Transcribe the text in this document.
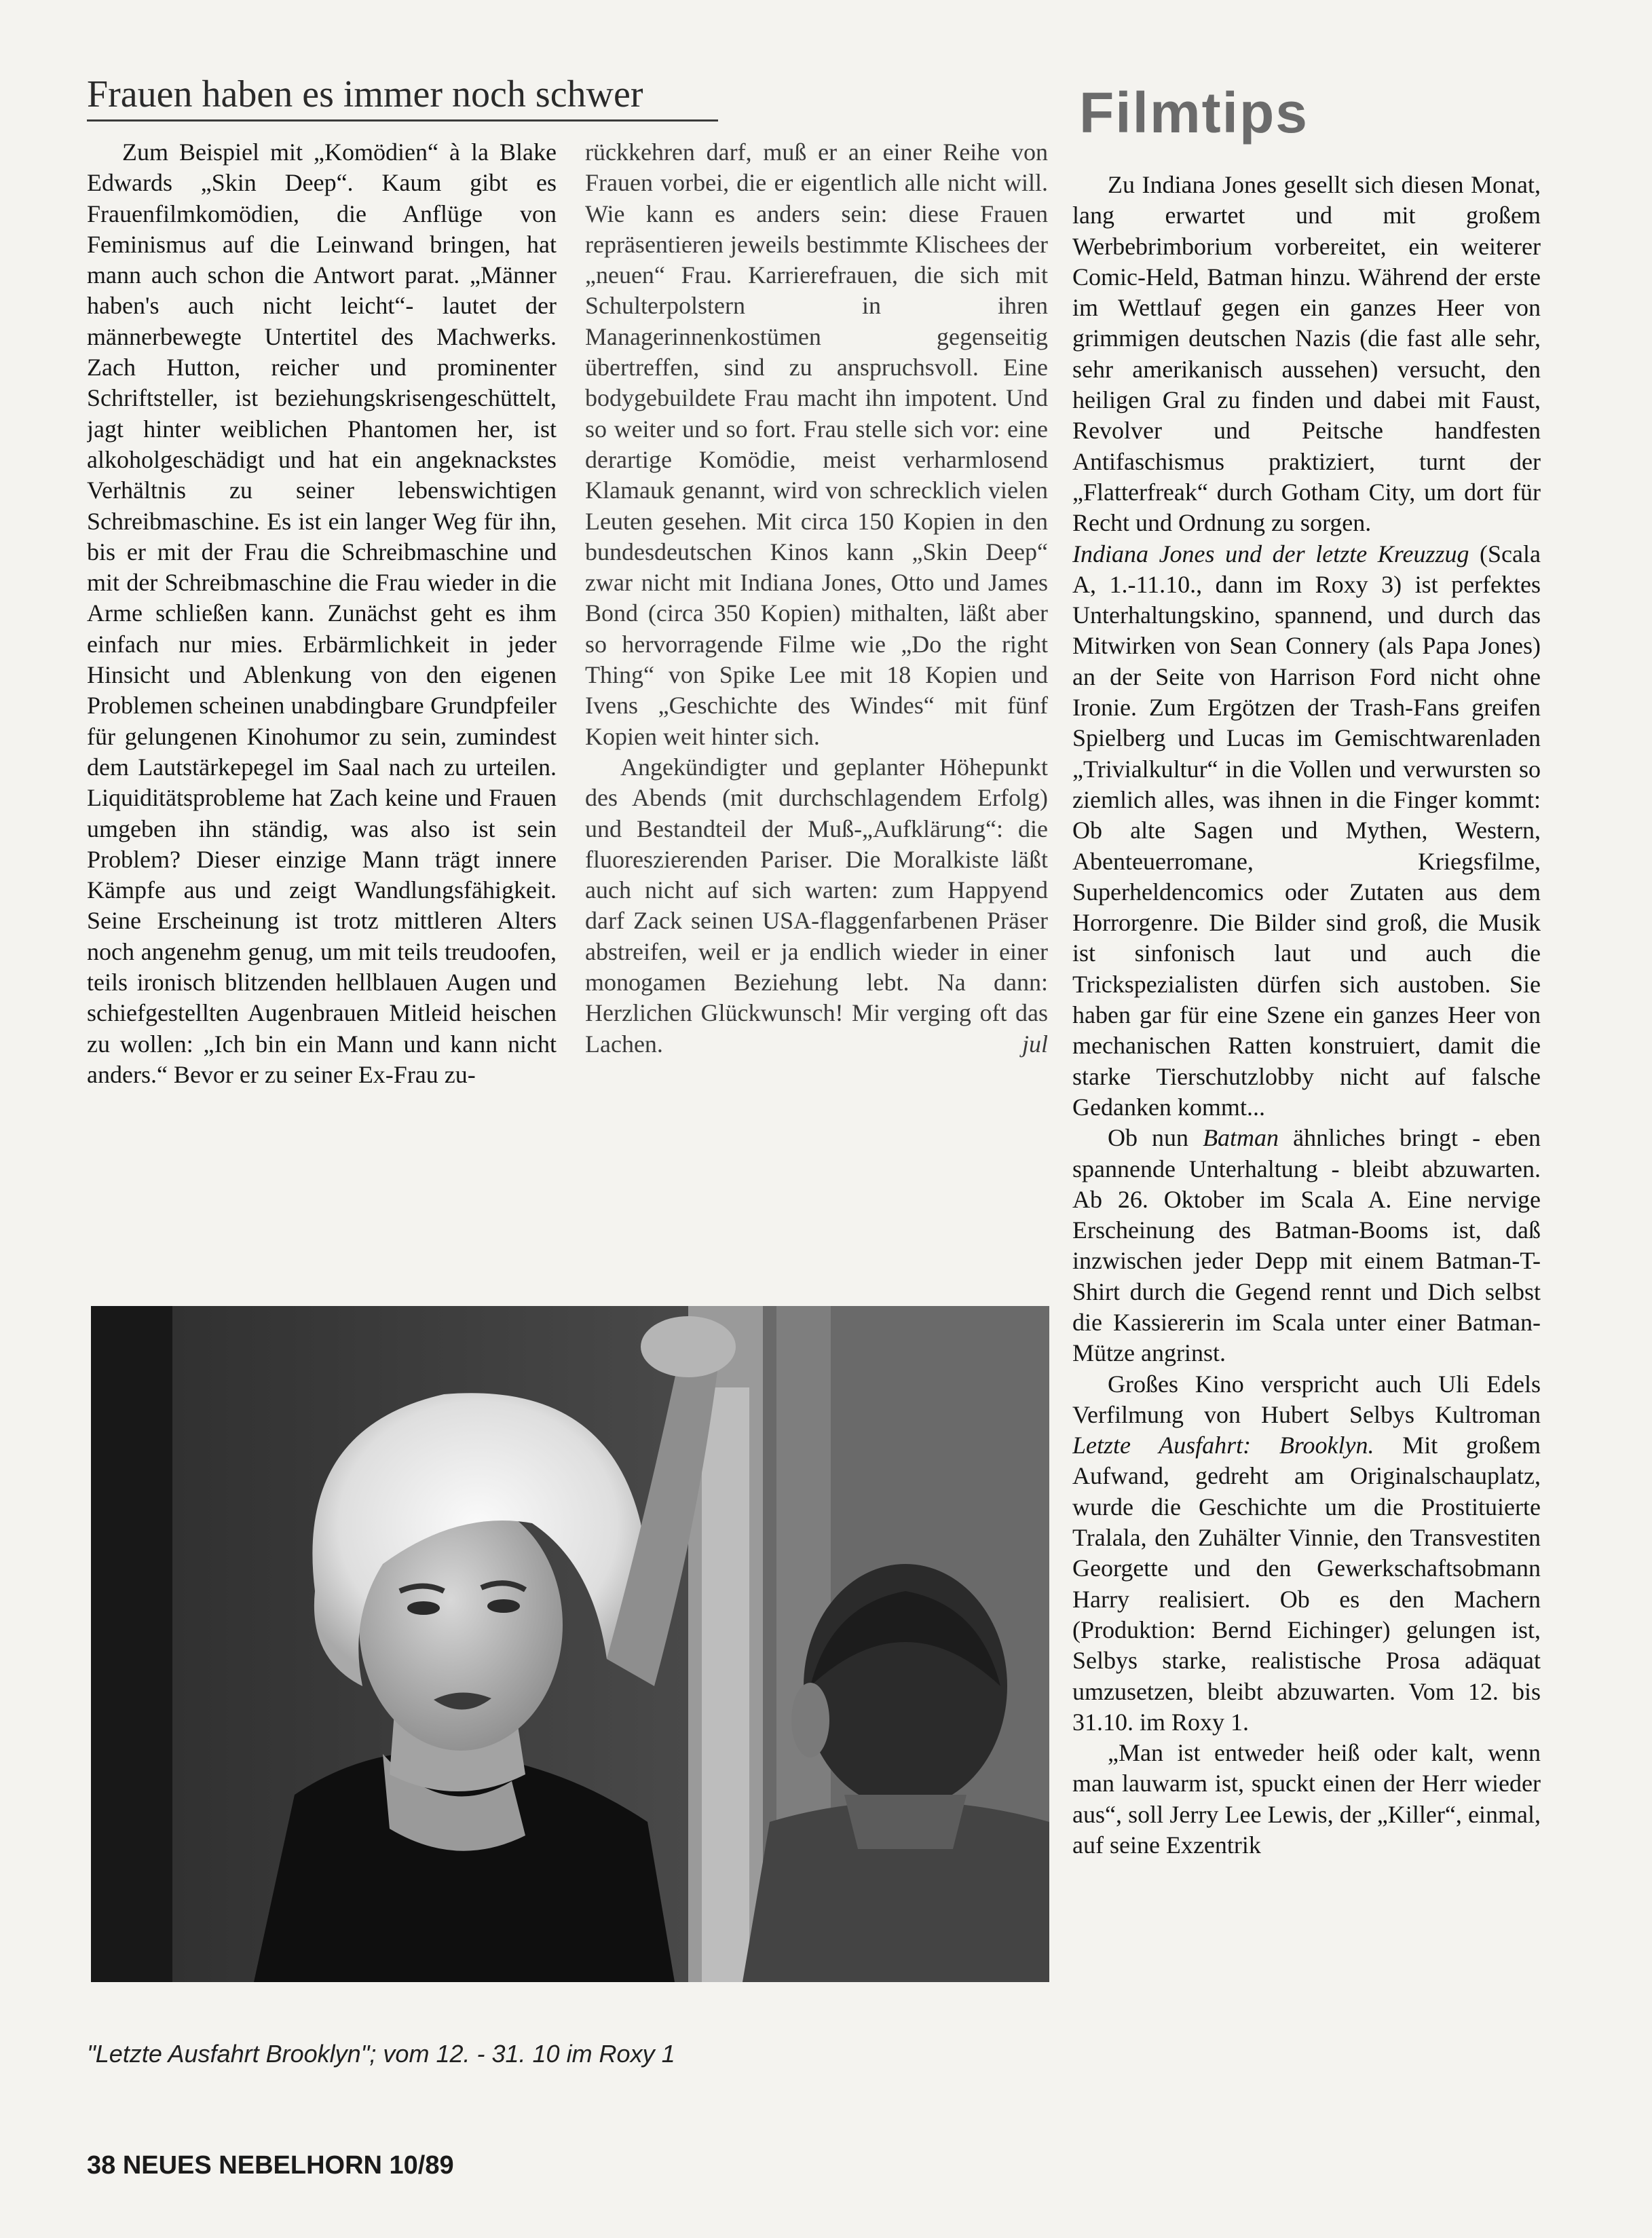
Frauen haben es immer noch schwer	Filmtips

Zum Beispiel mit „Komödien“ à la Blake Edwards „Skin Deep“. Kaum gibt es Frauenfilmkomödien, die Anflüge von Feminismus auf die Leinwand bringen, hat mann auch schon die Antwort parat. „Männer haben's auch nicht leicht“- lautet der männerbewegte Untertitel des Machwerks. Zach Hutton, reicher und prominenter Schriftsteller, ist beziehungskrisengeschüttelt, jagt hinter weiblichen Phantomen her, ist alkoholgeschädigt und hat ein angeknackstes Verhältnis zu seiner lebenswichtigen Schreibmaschine. Es ist ein langer Weg für ihn, bis er mit der Frau die Schreibmaschine und mit der Schreibmaschine die Frau wieder in die Arme schließen kann. Zunächst geht es ihm einfach nur mies. Erbärmlichkeit in jeder Hinsicht und Ablenkung von den eigenen Problemen scheinen unabdingbare Grundpfeiler für gelungenen Kinohumor zu sein, zumindest dem Lautstärkepegel im Saal nach zu urteilen. Liquiditätsprobleme hat Zach keine und Frauen umgeben ihn ständig, was also ist sein Problem? Dieser einzige Mann trägt innere Kämpfe aus und zeigt Wandlungsfähigkeit. Seine Erscheinung ist trotz mittleren Alters noch angenehm genug, um mit teils treudoofen, teils ironisch blitzenden hellblauen Augen und schiefgestellten Augenbrauen Mitleid heischen zu wollen: „Ich bin ein Mann und kann nicht anders.“ Bevor er zu seiner Ex-Frau zu-

rückkehren darf, muß er an einer Reihe von Frauen vorbei, die er eigentlich alle nicht will. Wie kann es anders sein: diese Frauen repräsentieren jeweils bestimmte Klischees der „neuen“ Frau. Karrierefrauen, die sich mit Schulterpolstern in ihren Managerinnenkostümen gegenseitig übertreffen, sind zu anspruchsvoll. Eine bodygebuildete Frau macht ihn impotent. Und so weiter und so fort. Frau stelle sich vor: eine derartige Komödie, meist verharmlosend Klamauk genannt, wird von schrecklich vielen Leuten gesehen. Mit circa 150 Kopien in den bundesdeutschen Kinos kann „Skin Deep“ zwar nicht mit Indiana Jones, Otto und James Bond (circa 350 Kopien) mithalten, läßt aber so hervorragende Filme wie „Do the right Thing“ von Spike Lee mit 18 Kopien und Ivens „Geschichte des Windes“ mit fünf Kopien weit hinter sich.

Angekündigter und geplanter Höhepunkt des Abends (mit durchschlagendem Erfolg) und Bestandteil der Muß-„Aufklärung“: die fluoreszierenden Pariser. Die Moralkiste läßt auch nicht auf sich warten: zum Happyend darf Zack seinen USA-flaggenfarbenen Präser abstreifen, weil er ja endlich wieder in einer monogamen Beziehung lebt. Na dann: Herzlichen Glückwunsch! Mir verging oft das Lachen.	jul

Zu Indiana Jones gesellt sich diesen Monat, lang erwartet und mit großem Werbebrimborium vorbereitet, ein weiterer Comic-Held, Batman hinzu. Während der erste im Wettlauf gegen ein ganzes Heer von grimmigen deutschen Nazis (die fast alle sehr, sehr amerikanisch aussehen) versucht, den heiligen Gral zu finden und dabei mit Faust, Revolver und Peitsche handfesten Antifaschismus praktiziert, turnt der „Flatterfreak“ durch Gotham City, um dort für Recht und Ordnung zu sorgen.

Indiana Jones und der letzte Kreuzzug (Scala A, 1.-11.10., dann im Roxy 3) ist perfektes Unterhaltungskino, spannend, und durch das Mitwirken von Sean Connery (als Papa Jones) an der Seite von Harrison Ford nicht ohne Ironie. Zum Ergötzen der Trash-Fans greifen Spielberg und Lucas im Gemischtwarenladen „Trivialkultur“ in die Vollen und verwursten so ziemlich alles, was ihnen in die Finger kommt: Ob alte Sagen und Mythen, Western, Abenteuerromane, Kriegsfilme, Superheldencomics oder Zutaten aus dem Horrorgenre. Die Bilder sind groß, die Musik ist sinfonisch laut und auch die Trickspezialisten dürfen sich austoben. Sie haben gar für eine Szene ein ganzes Heer von mechanischen Ratten konstruiert, damit die starke Tierschutzlobby nicht auf falsche Gedanken kommt...

Ob nun Batman ähnliches bringt - eben spannende Unterhaltung - bleibt abzuwarten. Ab 26. Oktober im Scala A. Eine nervige Erscheinung des Batman-Booms ist, daß inzwischen jeder Depp mit einem Batman-T-Shirt durch die Gegend rennt und Dich selbst die Kassiererin im Scala unter einer Batman-Mütze angrinst.

Großes Kino verspricht auch Uli Edels Verfilmung von Hubert Selbys Kultroman Letzte Ausfahrt: Brooklyn. Mit großem Aufwand, gedreht am Originalschauplatz, wurde die Geschichte um die Prostituierte Tralala, den Zuhälter Vinnie, den Transvestiten Georgette und den Gewerkschaftsobmann Harry realisiert. Ob es den Machern (Produktion: Bernd Eichinger) gelungen ist, Selbys starke, realistische Prosa adäquat umzusetzen, bleibt abzuwarten. Vom 12. bis 31.10. im Roxy 1.

„Man ist entweder heiß oder kalt, wenn man lauwarm ist, spuckt einen der Herr wieder aus“, soll Jerry Lee Lewis, der „Killer“, einmal, auf seine Exzentrik

"Letzte Ausfahrt Brooklyn"; vom 12. - 31. 10 im Roxy 1
38 NEUES NEBELHORN 10/89
